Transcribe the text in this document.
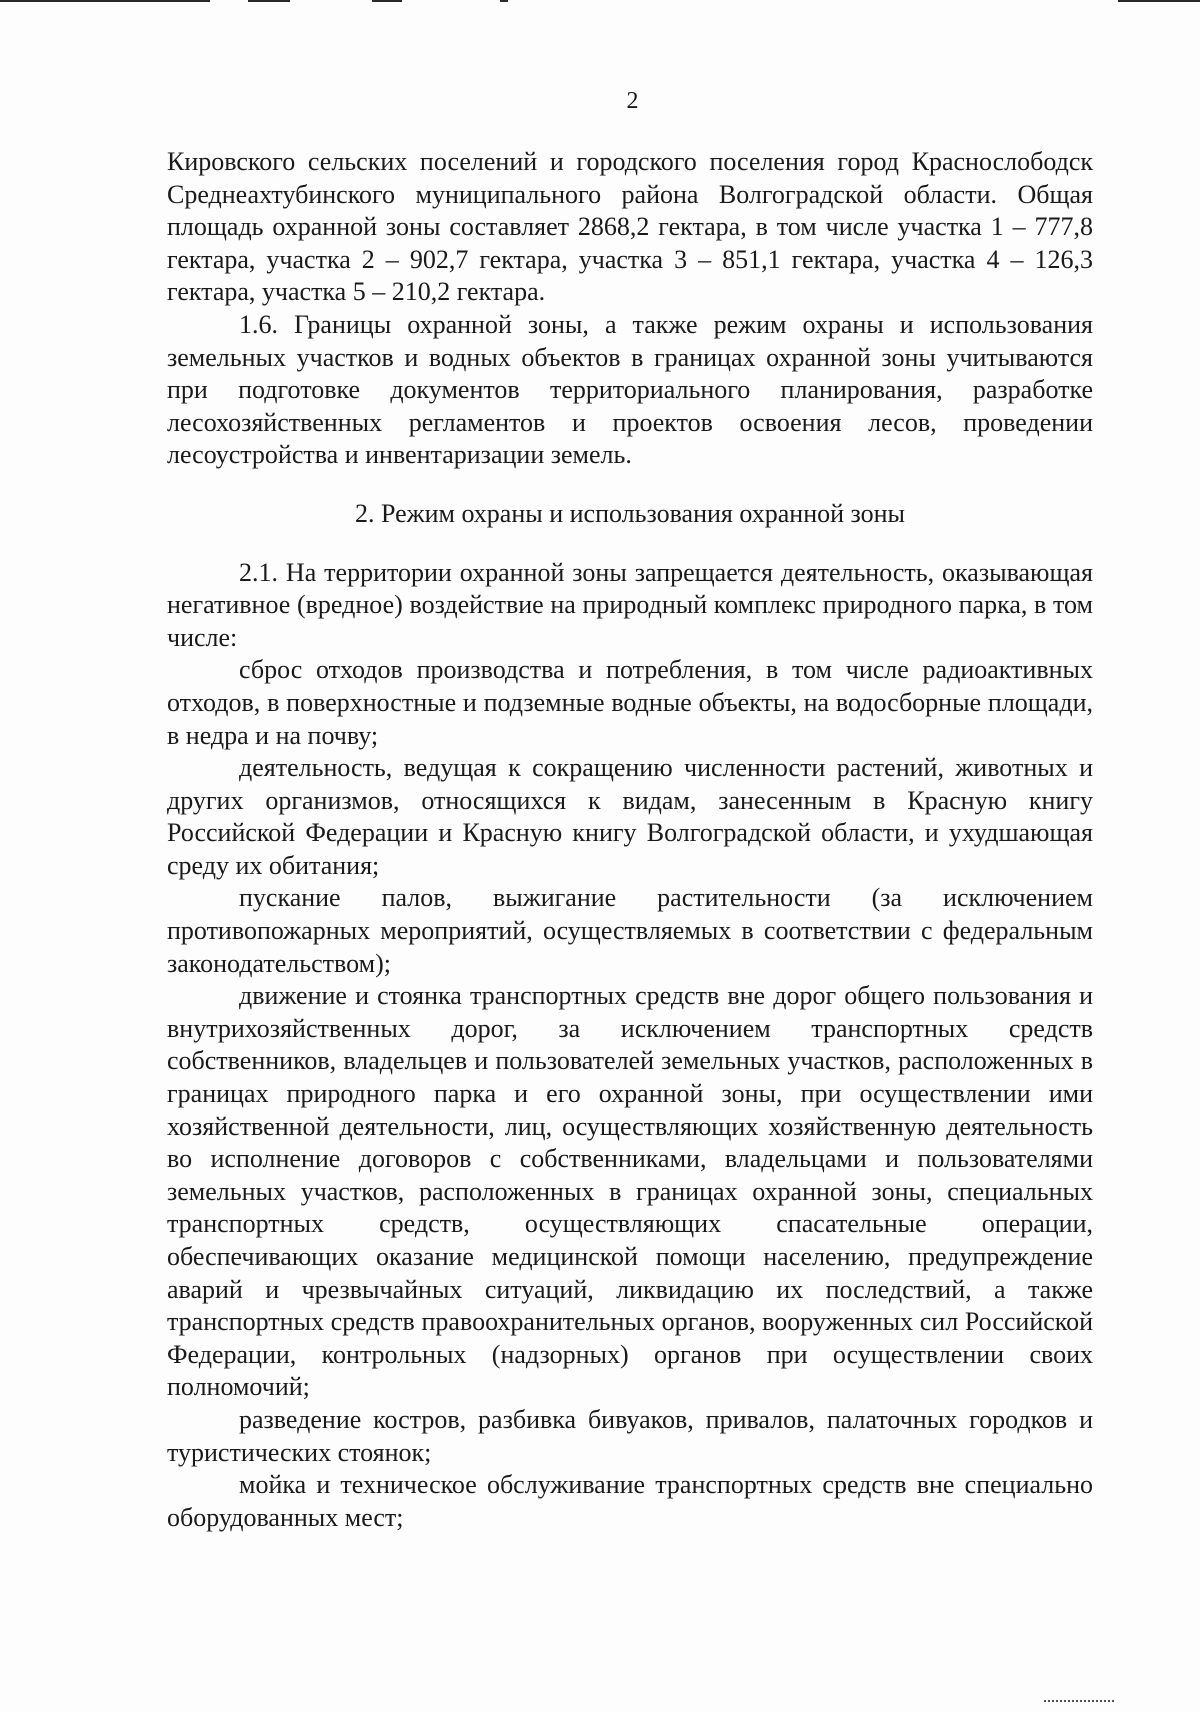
2

Кировского сельских поселений и городского поселения город Краснослободск Среднеахтубинского муниципального района Волгоградской области. Общая площадь охранной зоны составляет 2868,2 гектара, в том числе участка 1 – 777,8 гектара, участка 2 – 902,7 гектара, участка 3 – 851,1 гектара, участка 4 – 126,3 гектара, участка 5 – 210,2 гектара.

1.6. Границы охранной зоны, а также режим охраны и использования земельных участков и водных объектов в границах охранной зоны учитываются при подготовке документов территориального планирования, разработке лесохозяйственных регламентов и проектов освоения лесов, проведении лесоустройства и инвентаризации земель.

2. Режим охраны и использования охранной зоны

2.1. На территории охранной зоны запрещается деятельность, оказывающая негативное (вредное) воздействие на природный комплекс природного парка, в том числе:

сброс отходов производства и потребления, в том числе радиоактивных отходов, в поверхностные и подземные водные объекты, на водосборные площади, в недра и на почву;

деятельность, ведущая к сокращению численности растений, животных и других организмов, относящихся к видам, занесенным в Красную книгу Российской Федерации и Красную книгу Волгоградской области, и ухудшающая среду их обитания;

пускание палов, выжигание растительности (за исключением противопожарных мероприятий, осуществляемых в соответствии с федеральным законодательством);

движение и стоянка транспортных средств вне дорог общего пользования и внутрихозяйственных дорог, за исключением транспортных средств собственников, владельцев и пользователей земельных участков, расположенных в границах природного парка и его охранной зоны, при осуществлении ими хозяйственной деятельности, лиц, осуществляющих хозяйственную деятельность во исполнение договоров с собственниками, владельцами и пользователями земельных участков, расположенных в границах охранной зоны, специальных транспортных средств, осуществляющих спасательные операции, обеспечивающих оказание медицинской помощи населению, предупреждение аварий и чрезвычайных ситуаций, ликвидацию их последствий, а также транспортных средств правоохранительных органов, вооруженных сил Российской Федерации, контрольных (надзорных) органов при осуществлении своих полномочий;

разведение костров, разбивка бивуаков, привалов, палаточных городков и туристических стоянок;

мойка и техническое обслуживание транспортных средств вне специально оборудованных мест;
